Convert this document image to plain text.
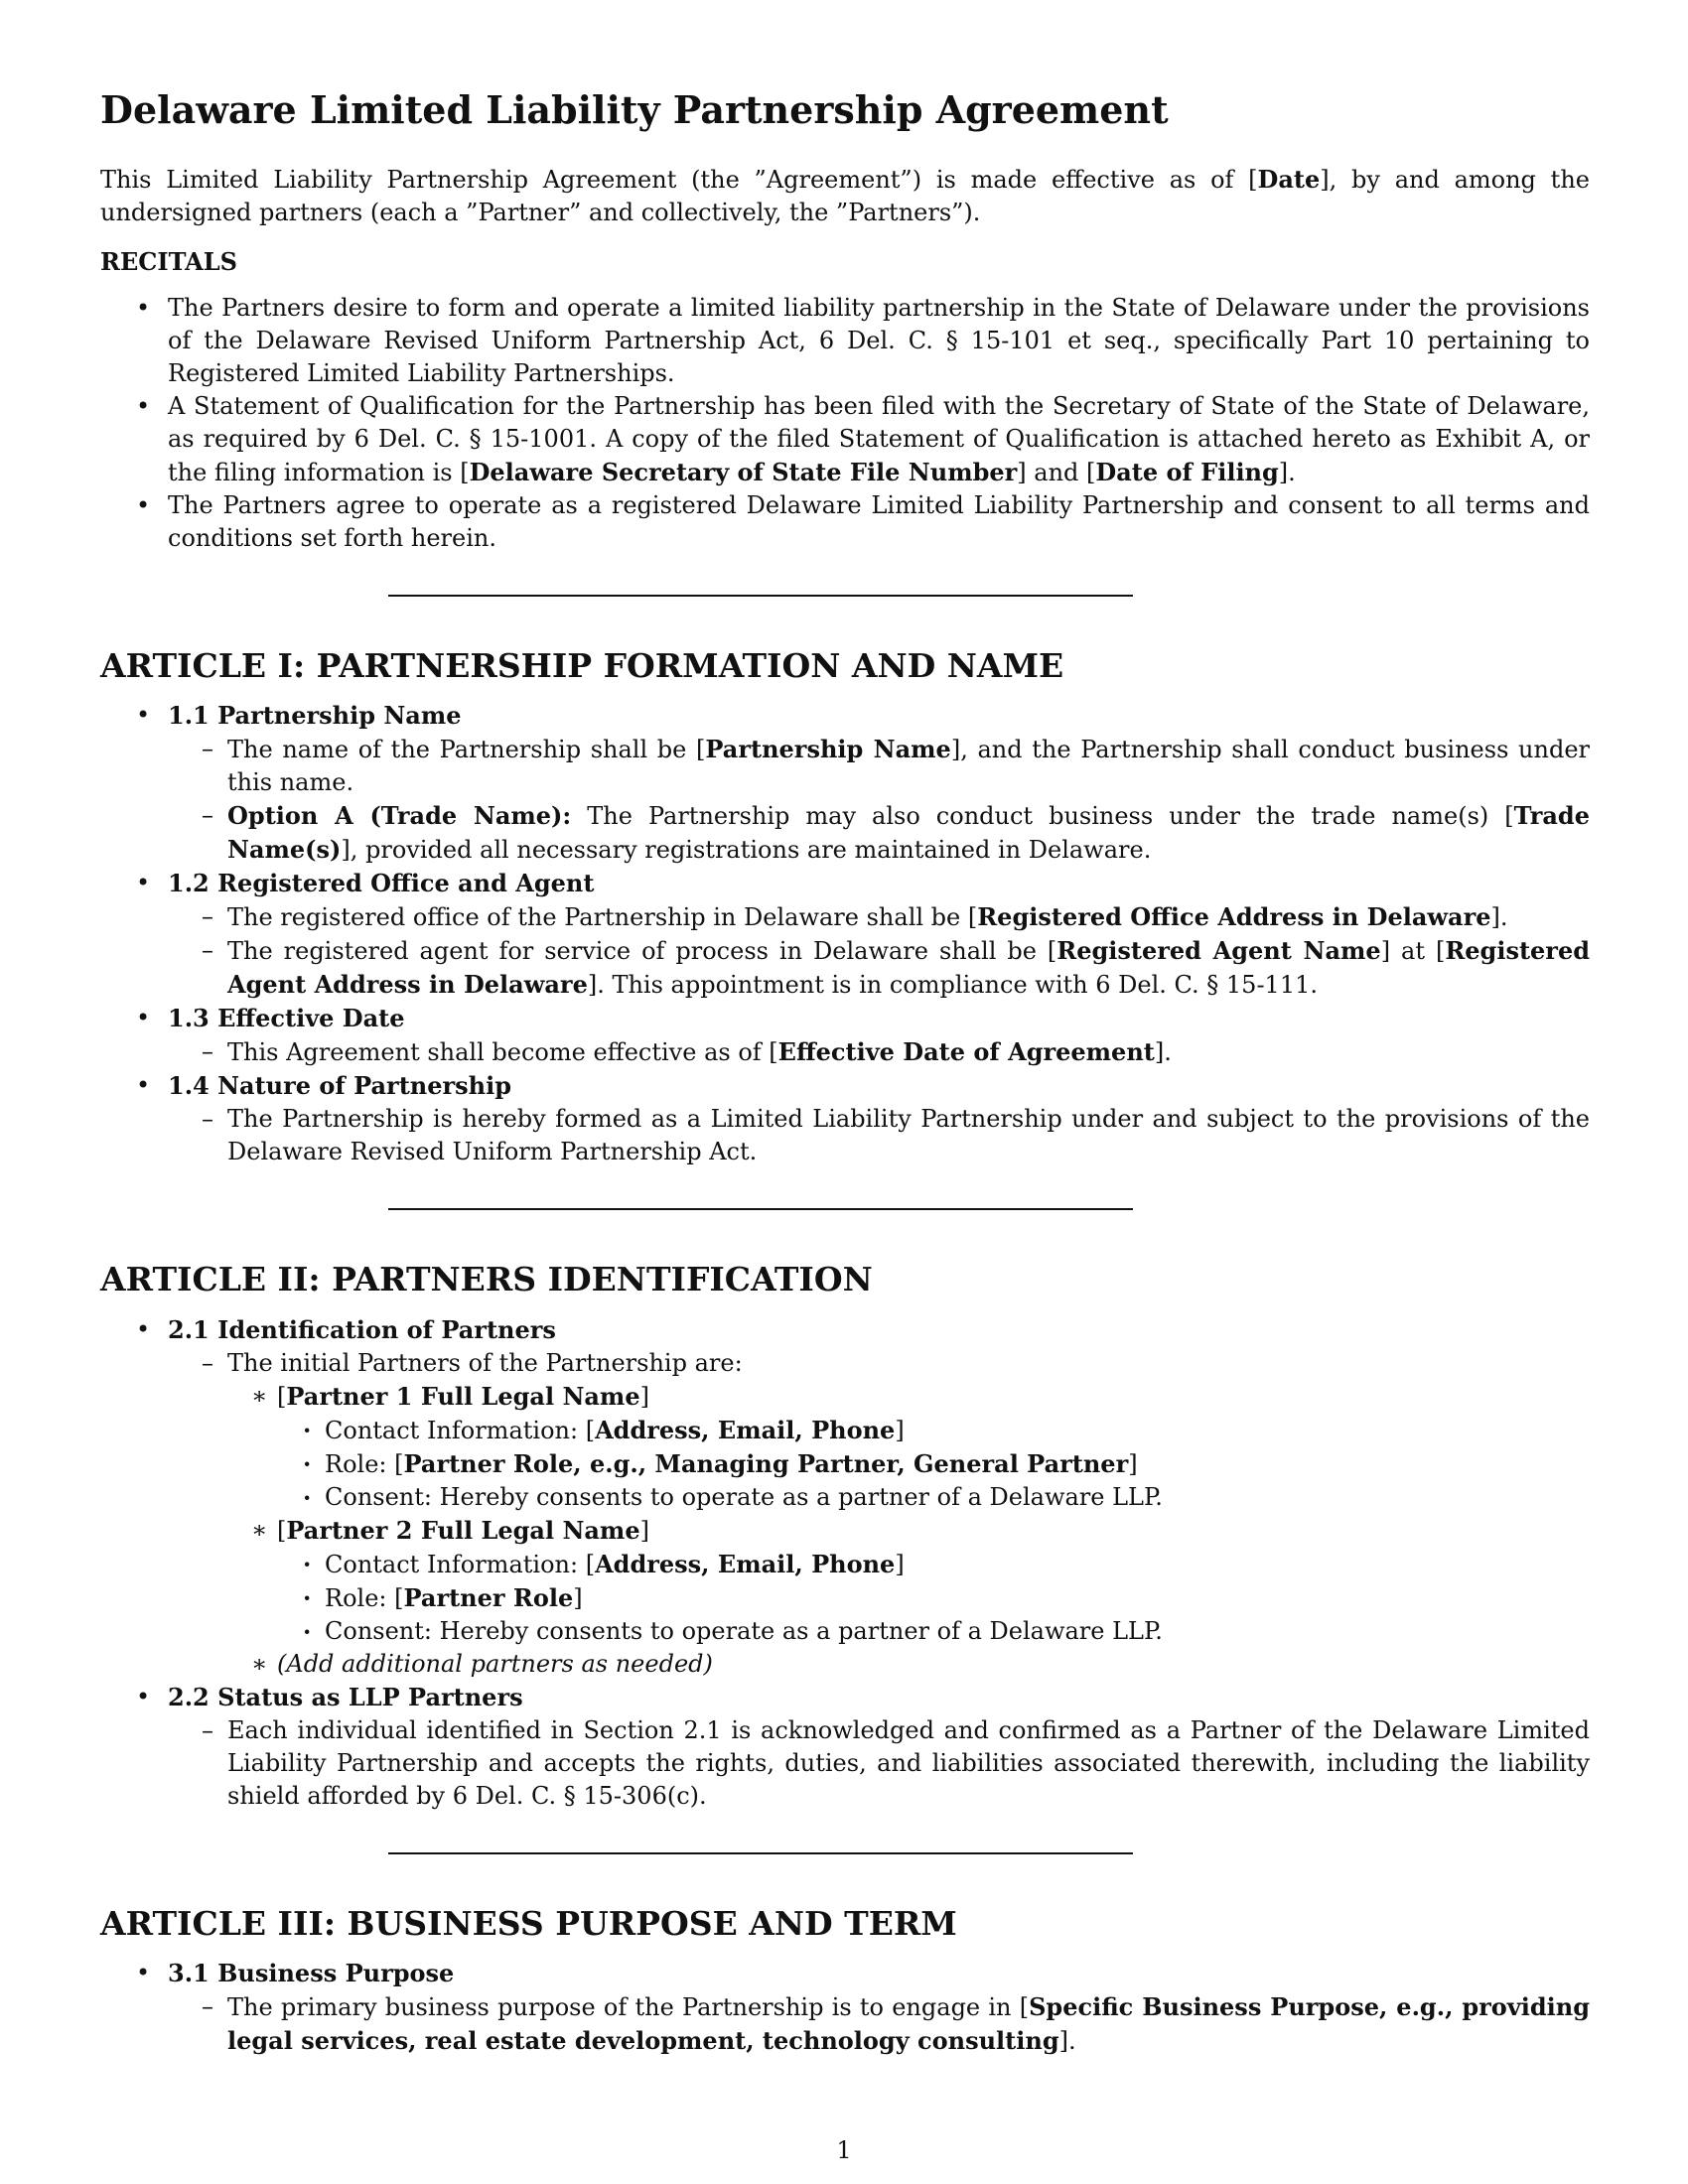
Delaware Limited Liability Partnership Agreement

This Limited Liability Partnership Agreement (the ”Agreement”) is made effective as of [Date], by and among the undersigned partners (each a ”Partner” and collectively, the ”Partners”).

RECITALS

• The Partners desire to form and operate a limited liability partnership in the State of Delaware under the provisions of the Delaware Revised Uniform Partnership Act, 6 Del. C. § 15-101 et seq., specifically Part 10 pertaining to Registered Limited Liability Partnerships.
• A Statement of Qualification for the Partnership has been filed with the Secretary of State of the State of Delaware, as required by 6 Del. C. § 15-1001. A copy of the filed Statement of Qualification is attached hereto as Exhibit A, or the filing information is [Delaware Secretary of State File Number] and [Date of Filing].
• The Partners agree to operate as a registered Delaware Limited Liability Partnership and consent to all terms and conditions set forth herein.
ARTICLE I: PARTNERSHIP FORMATION AND NAME
• 1.1 Partnership Name
– The name of the Partnership shall be [Partnership Name], and the Partnership shall conduct business under this name.
– Option A (Trade Name): The Partnership may also conduct business under the trade name(s) [Trade Name(s)], provided all necessary registrations are maintained in Delaware.
• 1.2 Registered Office and Agent
– The registered office of the Partnership in Delaware shall be [Registered Office Address in Delaware].
– The registered agent for service of process in Delaware shall be [Registered Agent Name] at [Registered Agent Address in Delaware]. This appointment is in compliance with 6 Del. C. § 15-111.
• 1.3 Effective Date
– This Agreement shall become effective as of [Effective Date of Agreement].
• 1.4 Nature of Partnership
– The Partnership is hereby formed as a Limited Liability Partnership under and subject to the provisions of the Delaware Revised Uniform Partnership Act.
ARTICLE II: PARTNERS IDENTIFICATION
• 2.1 Identification of Partners
– The initial Partners of the Partnership are:
∗ [Partner 1 Full Legal Name]
· Contact Information: [Address, Email, Phone]
· Role: [Partner Role, e.g., Managing Partner, General Partner]
· Consent: Hereby consents to operate as a partner of a Delaware LLP.
∗ [Partner 2 Full Legal Name]
· Contact Information: [Address, Email, Phone]
· Role: [Partner Role]
· Consent: Hereby consents to operate as a partner of a Delaware LLP.
∗ (Add additional partners as needed)
• 2.2 Status as LLP Partners
– Each individual identified in Section 2.1 is acknowledged and confirmed as a Partner of the Delaware Limited Liability Partnership and accepts the rights, duties, and liabilities associated therewith, including the liability shield afforded by 6 Del. C. § 15-306(c).
ARTICLE III: BUSINESS PURPOSE AND TERM
• 3.1 Business Purpose
– The primary business purpose of the Partnership is to engage in [Specific Business Purpose, e.g., providing legal services, real estate development, technology consulting].
1
